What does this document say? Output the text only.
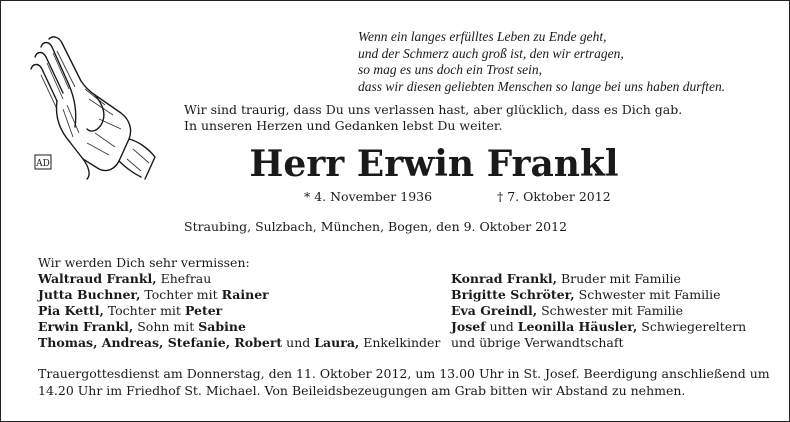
AD
Wenn ein langes erfülltes Leben zu Ende geht,
und der Schmerz auch groß ist, den wir ertragen,
so mag es uns doch ein Trost sein,
dass wir diesen geliebten Menschen so lange bei uns haben durften.
Wir sind traurig, dass Du uns verlassen hast, aber glücklich, dass es Dich gab.
In unseren Herzen und Gedanken lebst Du weiter.
Herr Erwin Frankl
* 4. November 1936	† 7. Oktober 2012
Straubing, Sulzbach, München, Bogen, den 9. Oktober 2012
Wir werden Dich sehr vermissen:
Waltraud Frankl, Ehefrau
Jutta Buchner, Tochter mit Rainer
Pia Kettl, Tochter mit Peter
Erwin Frankl, Sohn mit Sabine
Thomas, Andreas, Stefanie, Robert und Laura, Enkelkinder
Konrad Frankl, Bruder mit Familie
Brigitte Schröter, Schwester mit Familie
Eva Greindl, Schwester mit Familie
Josef und Leonilla Häusler, Schwiegereltern
und übrige Verwandtschaft
Trauergottesdienst am Donnerstag, den 11. Oktober 2012, um 13.00 Uhr in St. Josef. Beerdigung anschließend um
14.20 Uhr im Friedhof St. Michael. Von Beileidsbezeugungen am Grab bitten wir Abstand zu nehmen.
